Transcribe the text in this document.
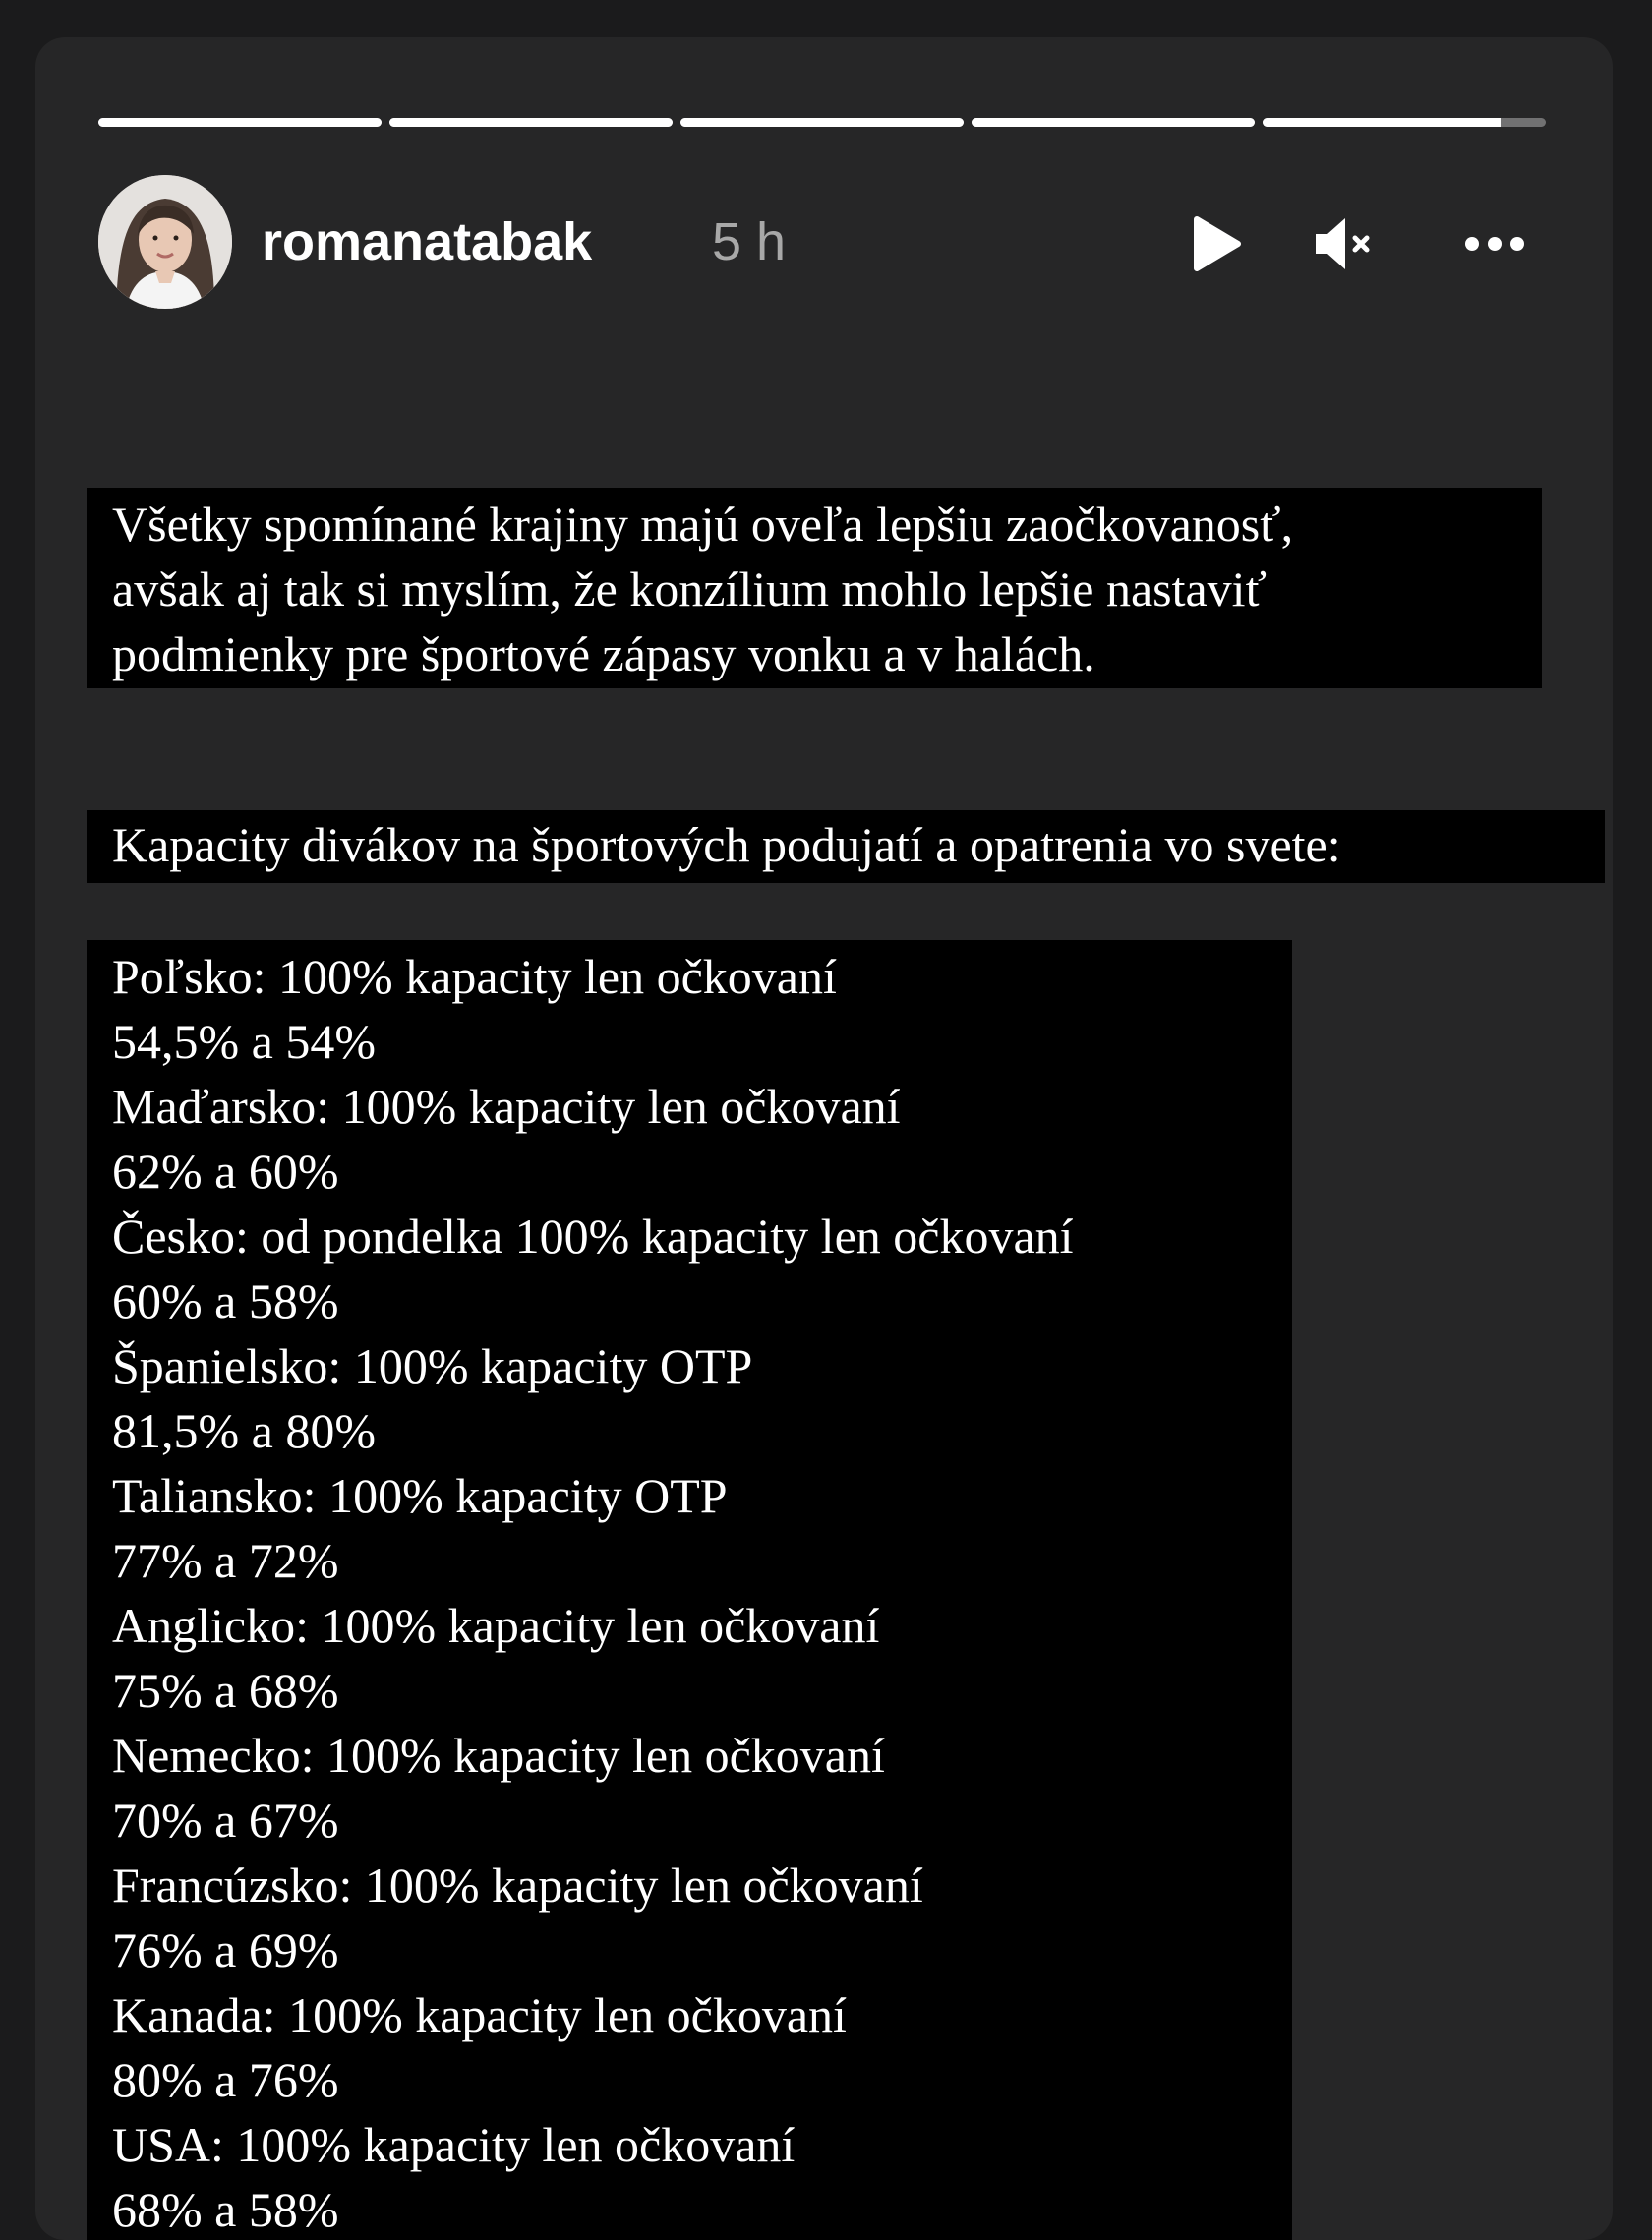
romanatabak 5 h
Všetky spomínané krajiny majú oveľa lepšiu zaočkovanosť,
avšak aj tak si myslím, že konzílium mohlo lepšie nastaviť
podmienky pre športové zápasy vonku a v halách.
Kapacity divákov na športových podujatí a opatrenia vo svete:
Poľsko: 100% kapacity len očkovaní
54,5% a 54%
Maďarsko: 100% kapacity len očkovaní
62% a 60%
Česko: od pondelka 100% kapacity len očkovaní
60% a 58%
Španielsko: 100% kapacity OTP
81,5% a 80%
Taliansko: 100% kapacity OTP
77% a 72%
Anglicko: 100% kapacity len očkovaní
75% a 68%
Nemecko: 100% kapacity len očkovaní
70% a 67%
Francúzsko: 100% kapacity len očkovaní
76% a 69%
Kanada: 100% kapacity len očkovaní
80% a 76%
USA: 100% kapacity len očkovaní
68% a 58%
